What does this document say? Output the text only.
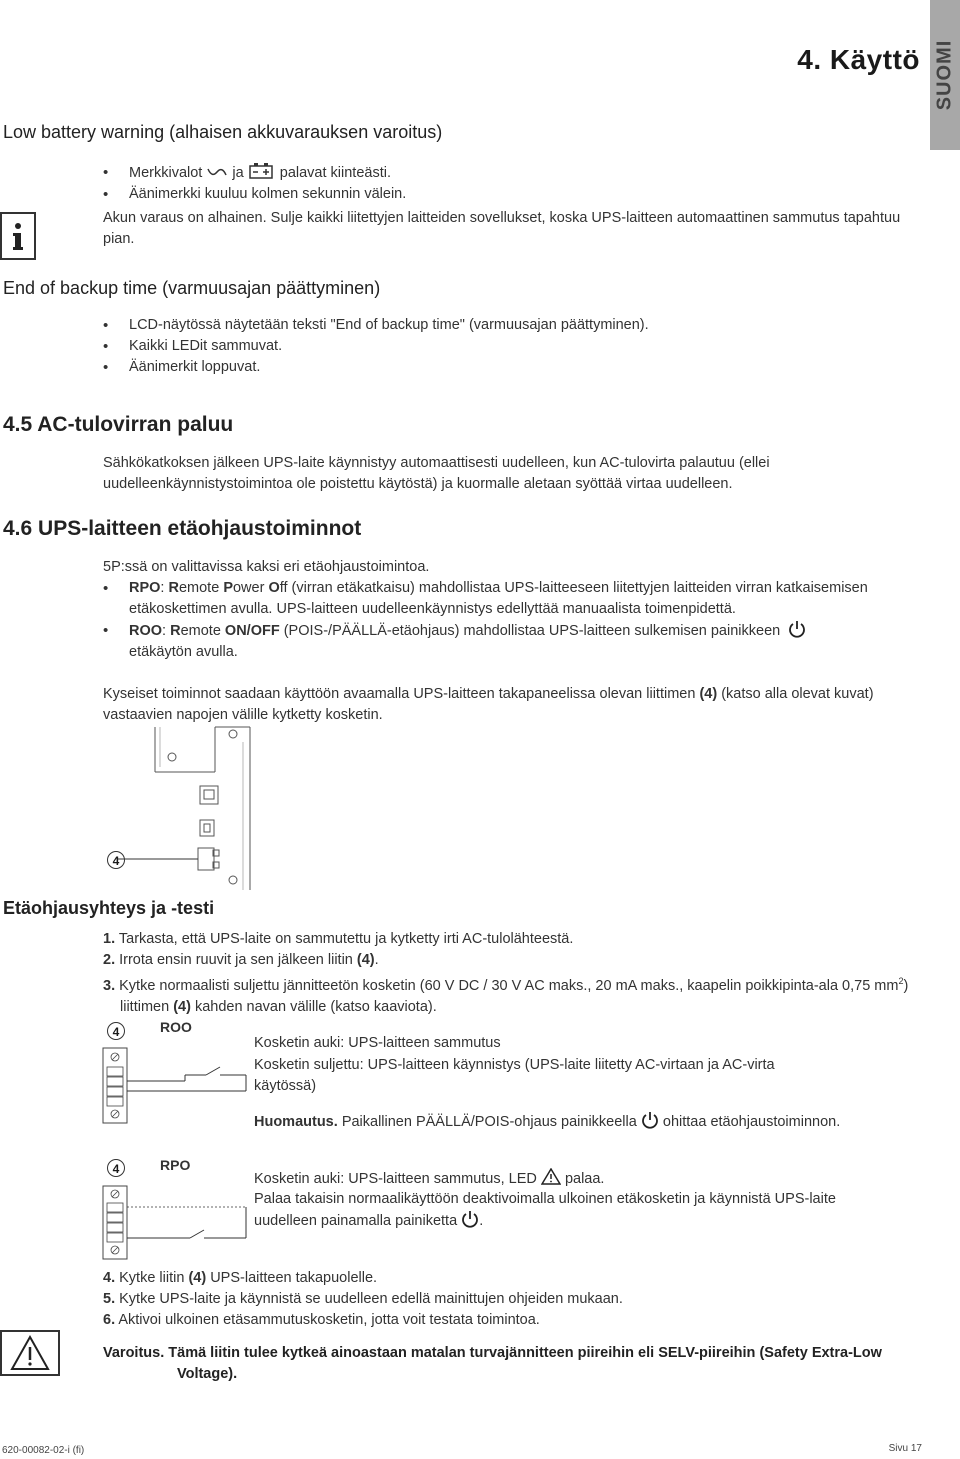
4. Käyttö SUOMI
Low battery warning (alhaisen akkuvarauksen varoitus)
• Merkkivalot ja palavat kiinteästi.
• Äänimerkki kuuluu kolmen sekunnin välein.
Akun varaus on alhainen. Sulje kaikki liitettyjen laitteiden sovellukset, koska UPS-laitteen automaattinen sammutus tapahtuu pian.
End of backup time (varmuusajan päättyminen)
• LCD-näytössä näytetään teksti "End of backup time" (varmuusajan päättyminen).
• Kaikki LEDit sammuvat.
• Äänimerkit loppuvat.
4.5 AC-tulovirran paluu
Sähkökatkoksen jälkeen UPS-laite käynnistyy automaattisesti uudelleen, kun AC-tulovirta palautuu (ellei uudelleenkäynnistystoimintoa ole poistettu käytöstä) ja kuormalle aletaan syöttää virtaa uudelleen.
4.6 UPS-laitteen etäohjaustoiminnot
5P:ssä on valittavissa kaksi eri etäohjaustoimintoa.
• RPO: Remote Power Off (virran etäkatkaisu) mahdollistaa UPS-laitteeseen liitettyjen laitteiden virran katkaisemisen etäkoskettimen avulla. UPS-laitteen uudelleenkäynnistys edellyttää manuaalista toimenpidettä.
• ROO: Remote ON/OFF (POIS-/PÄÄLLÄ-etäohjaus) mahdollistaa UPS-laitteen sulkemisen painikkeen
etäkäytön avulla.
Kyseiset toiminnot saadaan käyttöön avaamalla UPS-laitteen takapaneelissa olevan liittimen (4) (katso alla olevat kuvat) vastaavien napojen välille kytketty kosketin.
4
Etäohjausyhteys ja -testi

1. Tarkasta, että UPS-laite on sammutettu ja kytketty irti AC-tulolähteestä.

2. Irrota ensin ruuvit ja sen jälkeen liitin (4).

3. Kytke normaalisti suljettu jännitteetön kosketin (60 V DC / 30 V AC maks., 20 mA maks., kaapelin poikkipinta-ala 0,75 $mm^2$) liittimen (4) kahden navan välille (katso kaaviota).

4	ROO
Kosketin auki: UPS-laitteen sammutus
Kosketin suljettu: UPS-laitteen käynnistys (UPS-laite liitetty AC-virtaan ja AC-virta käytössä)
Huomautus. Paikallinen PÄÄLLÄ/POIS-ohjaus painikkeella ohittaa etäohjaustoiminnon.
4	RPO
Kosketin auki: UPS-laitteen sammutus, LED palaa.
Palaa takaisin normaalikäyttöön deaktivoimalla ulkoinen etäkosketin ja käynnistä UPS-laite uudelleen painamalla painiketta .

4. Kytke liitin (4) UPS-laitteen takapuolelle.

5. Kytke UPS-laite ja käynnistä se uudelleen edellä mainittujen ohjeiden mukaan.

6. Aktivoi ulkoinen etäsammutuskosketin, jotta voit testata toimintoa.

Varoitus. Tämä liitin tulee kytkeä ainoastaan matalan turvajännitteen piireihin eli SELV-piireihin (Safety Extra-Low Voltage).
620-00082-02-i (fi)	Sivu 17
